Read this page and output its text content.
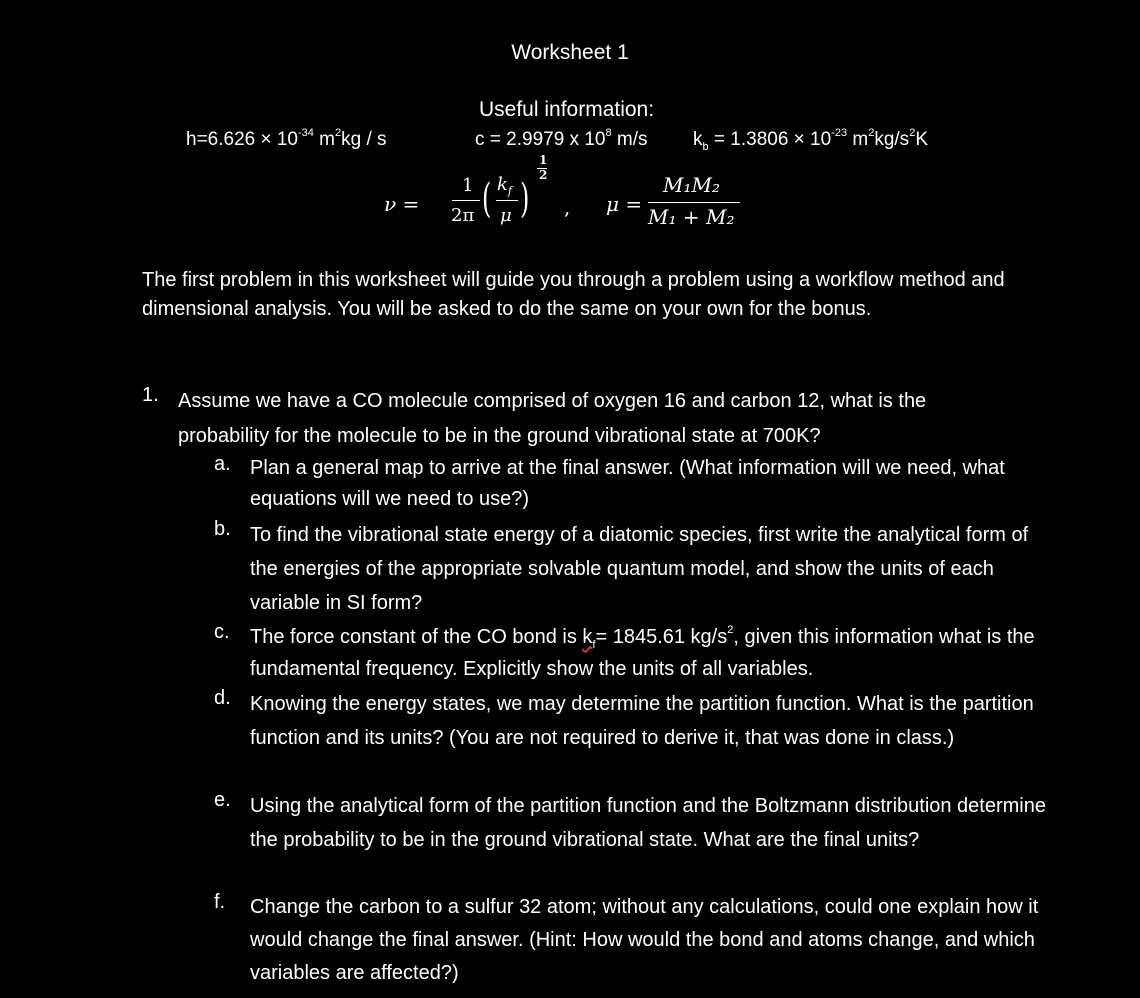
Worksheet 1
Useful information:
$h=6.626 \times 10^{-34}$ $m^2kg$ / s	c = 2.9979 x $10^8$ m/s $k_b = 1.3806 \times 10^{-23}$ $m^2kg/s^2K$
ν =
1
2π ( $k_f$
μ )
1
2
, μ =
M₁M₂
M₁ + M₂
The first problem in this worksheet will guide you through a problem using a workflow method and dimensional analysis. You will be asked to do the same on your own for the bonus.
1. Assume we have a CO molecule comprised of oxygen 16 and carbon 12, what is the probability for the molecule to be in the ground vibrational state at 700K?
a. Plan a general map to arrive at the final answer. (What information will we need, what equations will we need to use?)
b. To find the vibrational state energy of a diatomic species, first write the analytical form of the energies of the appropriate solvable quantum model, and show the units of each variable in SI form?
c. The force constant of the CO bond is $k_f= 1845.61$ $kg/s^2$, given this information what is the fundamental frequency. Explicitly show the units of all variables.
d. Knowing the energy states, we may determine the partition function. What is the partition function and its units? (You are not required to derive it, that was done in class.)
e. Using the analytical form of the partition function and the Boltzmann distribution determine the probability to be in the ground vibrational state. What are the final units?
f. Change the carbon to a sulfur 32 atom; without any calculations, could one explain how it would change the final answer. (Hint: How would the bond and atoms change, and which variables are affected?)
